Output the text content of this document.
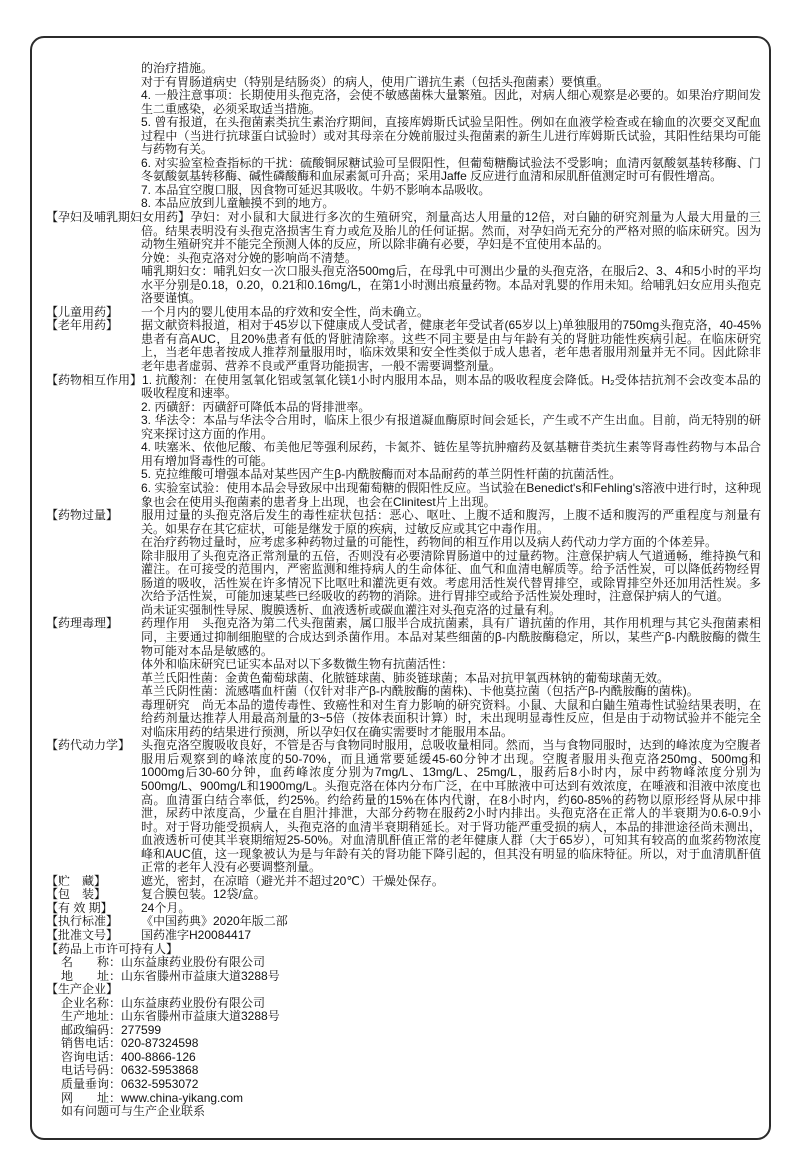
的治疗措施。
对于有胃肠道病史（特别是结肠炎）的病人，使用广谱抗生素（包括头孢菌素）要慎重。
4. 一般注意事项：长期使用头孢克洛，会使不敏感菌株大量繁殖。因此，对病人细心观察是必要的。如果治疗期间发生二重感染，必须采取适当措施。
5. 曾有报道，在头孢菌素类抗生素治疗期间，直接库姆斯氏试验呈阳性。例如在血液学检查或在输血的次要交叉配血过程中（当进行抗球蛋白试验时）或对其母亲在分娩前服过头孢菌素的新生儿进行库姆斯氏试验，其阳性结果均可能与药物有关。
6. 对实验室检查指标的干扰：硫酸铜尿糖试验可呈假阳性，但葡萄糖酶试验法不受影响；血清丙氨酸氨基转移酶、门冬氨酸氨基转移酶、碱性磷酸酶和血尿素氮可升高；采用Jaffe 反应进行血清和尿肌酐值测定时可有假性增高。
7. 本品宜空腹口服，因食物可延迟其吸收。牛奶不影响本品吸收。
8. 本品应放到儿童触摸不到的地方。
【孕妇及哺乳期妇女用药】孕妇：对小鼠和大鼠进行多次的生殖研究，剂量高达人用量的12倍，对白鼬的研究剂量为人最大用量的三倍。结果表明没有头孢克洛损害生育力或危及胎儿的任何证据。然而，对孕妇尚无充分的严格对照的临床研究。因为动物生殖研究并不能完全预测人体的反应，所以除非确有必要，孕妇是不宜使用本品的。
分娩：头孢克洛对分娩的影响尚不清楚。
哺乳期妇女：哺乳妇女一次口服头孢克洛500mg后，在母乳中可测出少量的头孢克洛，在服后2、3、4和5小时的平均水平分别是0.18，0.20，0.21和0.16mg/L，在第1小时测出痕量药物。本品对乳婴的作用未知。给哺乳妇女应用头孢克洛要谨慎。
【儿童用药】 一个月内的婴儿使用本品的疗效和安全性，尚未确立。
【老年用药】 据文献资料报道，相对于45岁以下健康成人受试者，健康老年受试者(65岁以上)单独服用的750mg头孢克洛，40-45%患者有高AUC，且20%患者有低的肾脏清除率。这些不同主要是由与年龄有关的肾脏功能性疾病引起。在临床研究上，当老年患者按成人推荐剂量服用时，临床效果和安全性类似于成人患者，老年患者服用剂量并无不同。因此除非老年患者虚弱、营养不良或严重肾功能损害，一般不需要调整剂量。
【药物相互作用】1. 抗酸剂：在使用氢氧化铝或氢氧化镁1小时内服用本品，则本品的吸收程度会降低。H₂受体拮抗剂不会改变本品的吸收程度和速率。
2. 丙磺舒：丙磺舒可降低本品的肾排泄率。
3. 华法令：本品与华法令合用时，临床上很少有报道凝血酶原时间会延长，产生或不产生出血。目前，尚无特别的研究来探讨这方面的作用。
4. 呋塞米、依他尼酸、布美他尼等强利尿药，卡氮芥、链佐星等抗肿瘤药及氨基糖苷类抗生素等肾毒性药物与本品合用有增加肾毒性的可能。
5. 克拉维酸可增强本品对某些因产生β-内酰胺酶而对本品耐药的革兰阴性杆菌的抗菌活性。
6. 实验室试验：使用本品会导致尿中出现葡萄糖的假阳性反应。当试验在Benedict's和Fehling's溶液中进行时，这种现象也会在使用头孢菌素的患者身上出现，也会在Clinitest片上出现。
【药物过量】 服用过量的头孢克洛后发生的毒性症状包括：恶心、呕吐、上腹不适和腹泻，上腹不适和腹泻的严重程度与剂量有关。如果存在其它症状，可能是继发于原的疾病，过敏反应或其它中毒作用。
在治疗药物过量时，应考虑多种药物过量的可能性，药物间的相互作用以及病人药代动力学方面的个体差异。
除非服用了头孢克洛正常剂量的五倍，否则没有必要清除胃肠道中的过量药物。注意保护病人气道通畅，维持换气和灌注。在可接受的范围内，严密监测和维持病人的生命体征、血气和血清电解质等。给予活性炭，可以降低药物经胃肠道的吸收，活性炭在许多情况下比呕吐和灌洗更有效。考虑用活性炭代替胃排空，或除胃排空外还加用活性炭。多次给予活性炭，可能加速某些已经吸收的药物的消除。进行胃排空或给予活性炭处理时，注意保护病人的气道。
尚未证实强制性导尿、腹膜透析、血液透析或碳血灌注对头孢克洛的过量有利。
【药理毒理】 药理作用　头孢克洛为第二代头孢菌素，属口服半合成抗菌素，具有广谱抗菌的作用，其作用机理与其它头孢菌素相同，主要通过抑制细胞壁的合成达到杀菌作用。本品对某些细菌的β-内酰胺酶稳定，所以，某些产β-内酰胺酶的微生物可能对本品是敏感的。
体外和临床研究已证实本品对以下多数微生物有抗菌活性：
革兰氏阳性菌：金黄色葡萄球菌、化脓链球菌、肺炎链球菌；本品对抗甲氧西林钠的葡萄球菌无效。
革兰氏阴性菌：流感嗜血杆菌（仅针对非产β-内酰胺酶的菌株)、卡他莫拉菌（包括产β-内酰胺酶的菌株)。
毒理研究　尚无本品的遗传毒性、致癌性和对生育力影响的研究资料。小鼠、大鼠和白鼬生殖毒性试验结果表明，在给药剂量达推荐人用最高剂量的3~5倍（按体表面积计算）时，未出现明显毒性反应，但是由于动物试验并不能完全对临床用药的结果进行预测，所以孕妇仅在确实需要时才能服用本品。
【药代动力学】 头孢克洛空腹吸收良好，不管是否与食物同时服用，总吸收量相同。然而，当与食物同服时，达到的峰浓度为空腹者服用后观察到的峰浓度的50-70%，而且通常要延缓45-60分钟才出现。空腹者服用头孢克洛250mg、500mg和1000mg后30-60分钟，血药峰浓度分别为7mg/L、13mg/L、25mg/L，服药后8小时内，尿中药物峰浓度分别为500mg/L、900mg/L和1900mg/L。头孢克洛在体内分布广泛，在中耳脓液中可达到有效浓度，在唾液和泪液中浓度也高。血清蛋白结合率低，约25%。约给药量的15%在体内代谢，在8小时内，约60-85%的药物以原形经肾从尿中排泄，尿药中浓度高，少量在自胆汁排泄，大部分药物在服药2小时内排出。头孢克洛在正常人的半衰期为0.6-0.9小时。对于肾功能受损病人，头孢克洛的血清半衰期稍延长。对于肾功能严重受损的病人，本品的排泄途径尚未测出，血液透析可使其半衰期缩短25-50%。对血清肌酐值正常的老年健康人群（大于65岁），可知其有较高的血浆药物浓度峰和AUC值，这一现象被认为是与年龄有关的肾功能下降引起的，但其没有明显的临床特征。所以，对于血清肌酐值正常的老年人没有必要调整剂量。
【贮　藏】	遮光，密封，在凉暗（避光并不超过20℃）干燥处保存。
【包　装】	复合膜包装。12袋/盒。
【有 效 期】 24个月。
【执行标准】 《中国药典》2020年版二部
【批准文号】 国药准字H20084417
【药品上市许可持有人】
名　　称：山东益康药业股份有限公司
地　　址：山东省滕州市益康大道3288号
【生产企业】
企业名称：山东益康药业股份有限公司
生产地址：山东省滕州市益康大道3288号
邮政编码：277599
销售电话：020-87324598
咨询电话：400-8866-126
电话号码：0632-5953868
质量垂询：0632-5953072
网　　址：www.china-yikang.com
如有问题可与生产企业联系
